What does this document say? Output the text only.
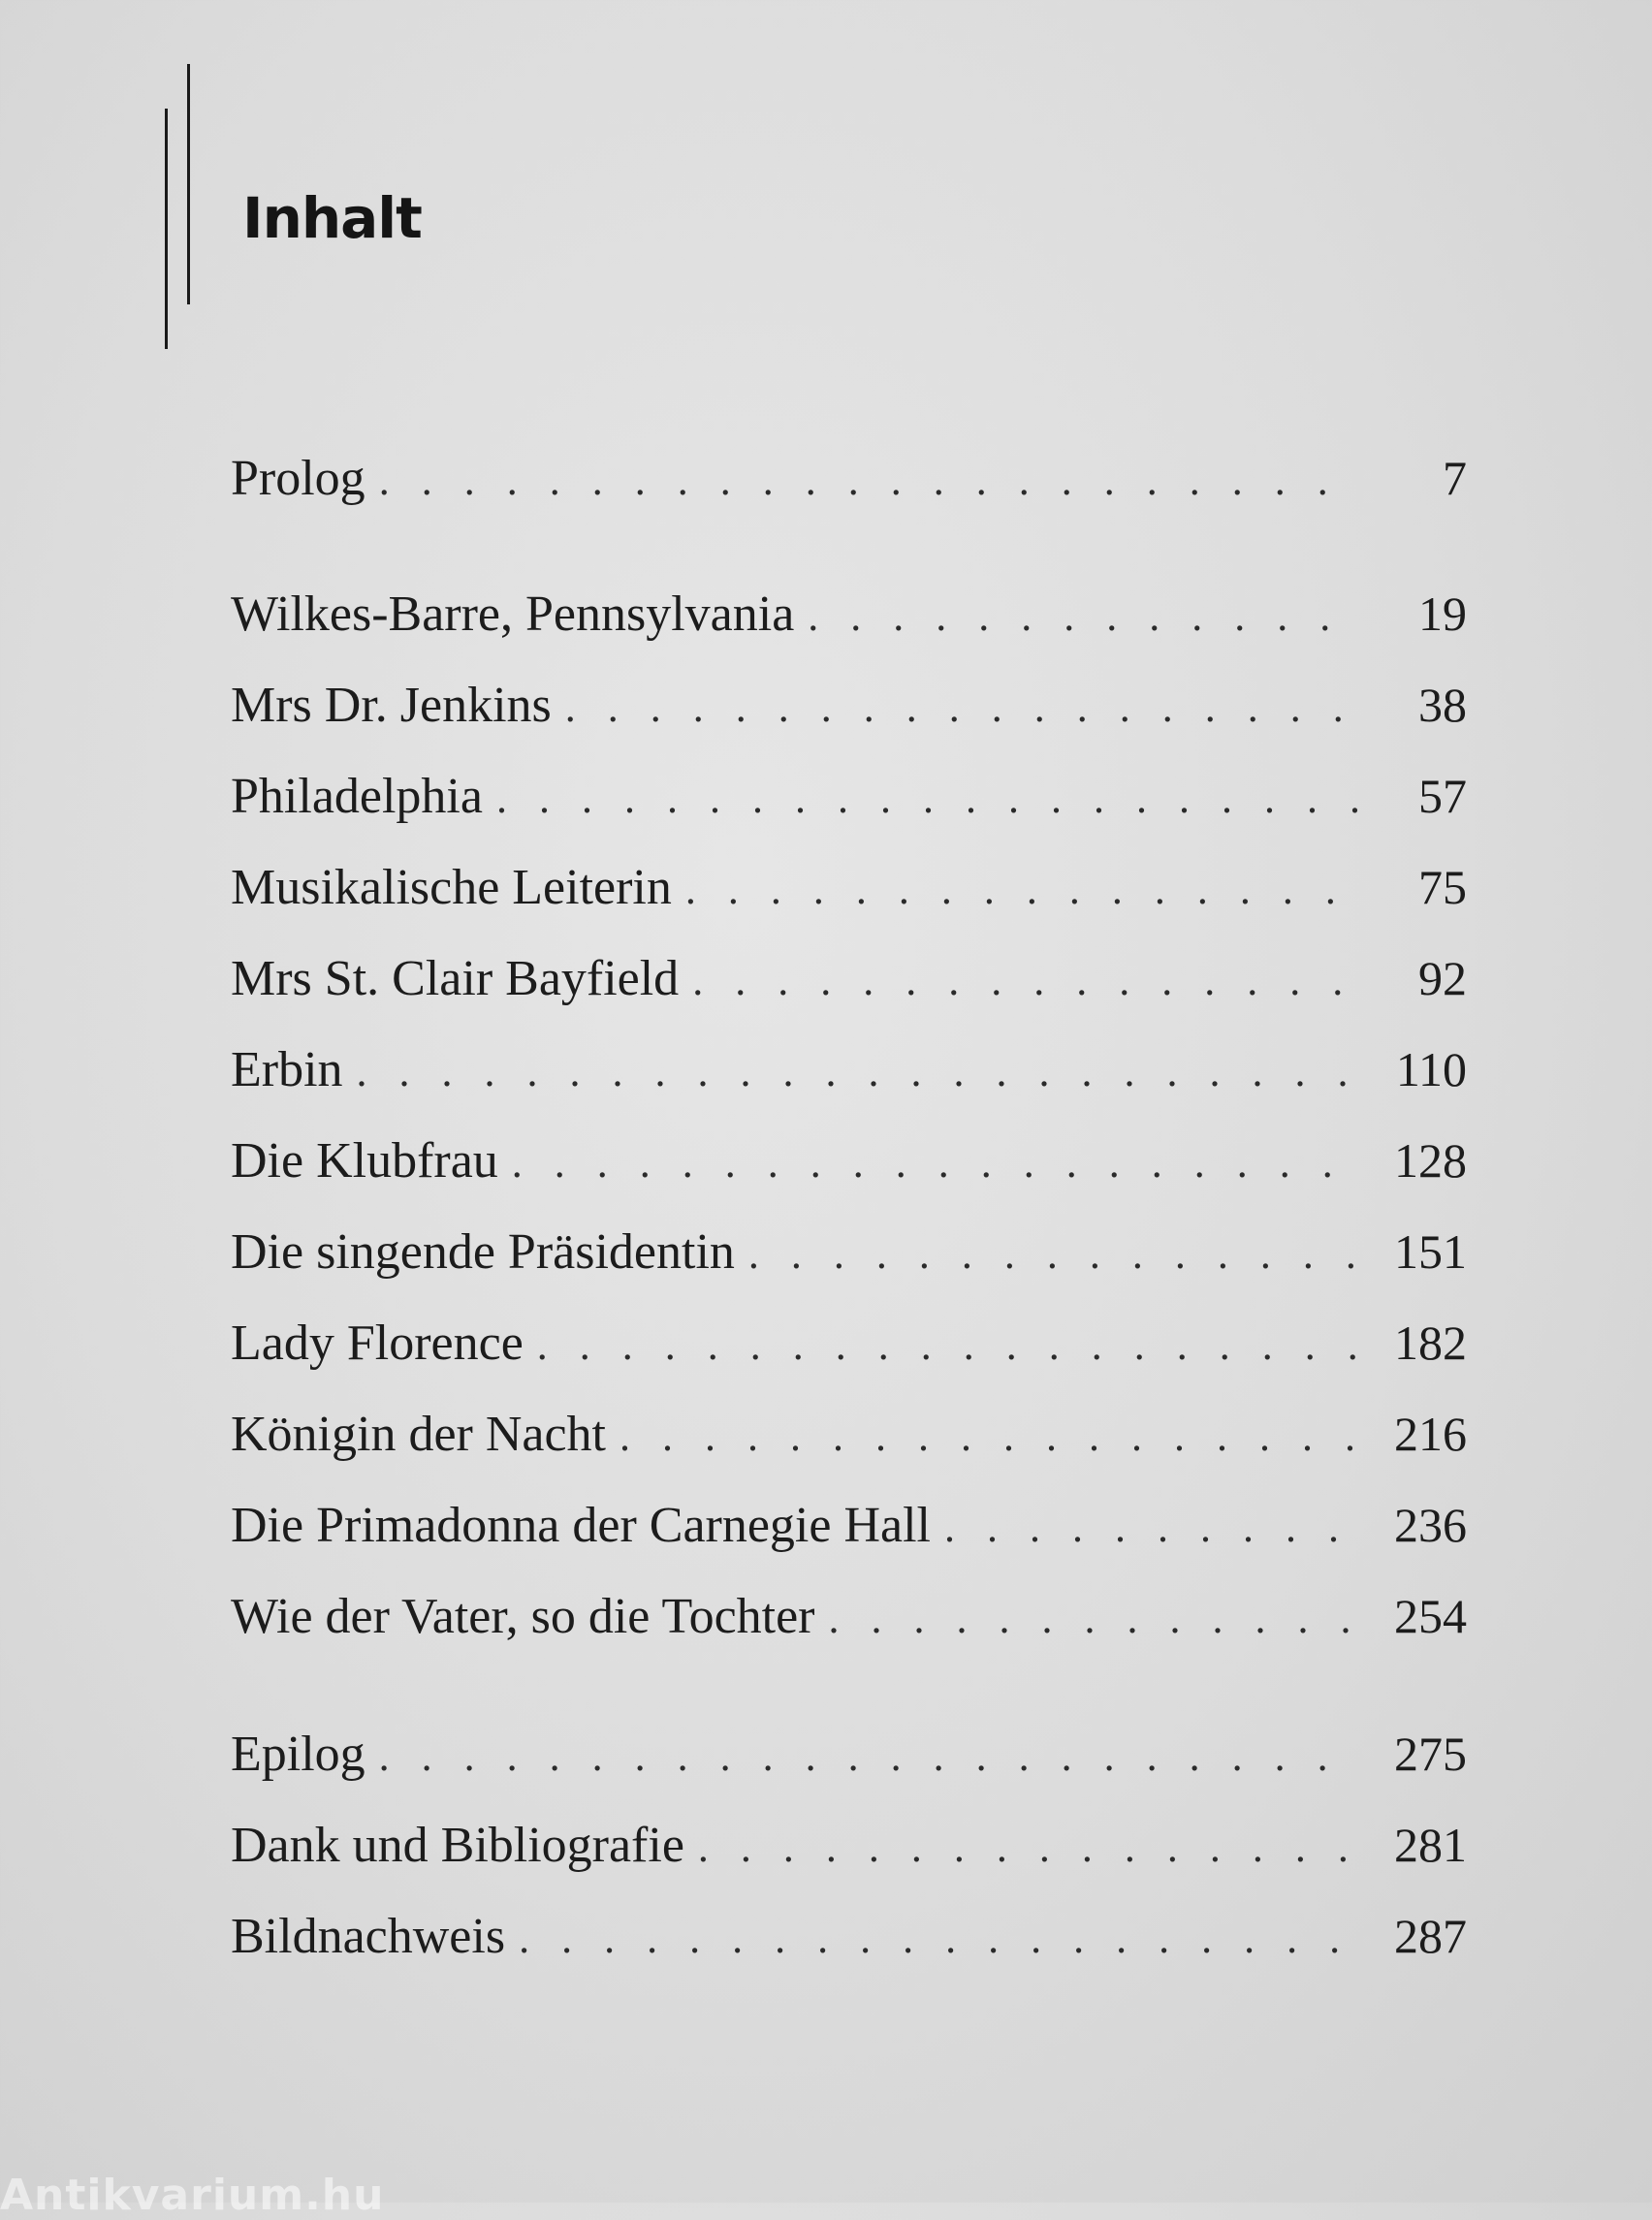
Inhalt
Prolog . . .	7
Wilkes-Barre, Pennsylvania . . .	19
Mrs Dr. Jenkins . . .	38
Philadelphia . . .	57
Musikalische Leiterin . . .	75
Mrs St. Clair Bayfield . . .	92
Erbin . . .	110
Die Klubfrau . . .	128
Die singende Präsidentin . . .	151
Lady Florence . . .	182
Königin der Nacht . . .	216
Die Primadonna der Carnegie Hall . . .	236
Wie der Vater, so die Tochter . . .	254
Epilog . . .	275
Dank und Bibliografie . . .	281
Bildnachweis . . .	287
Antikvarium.hu
